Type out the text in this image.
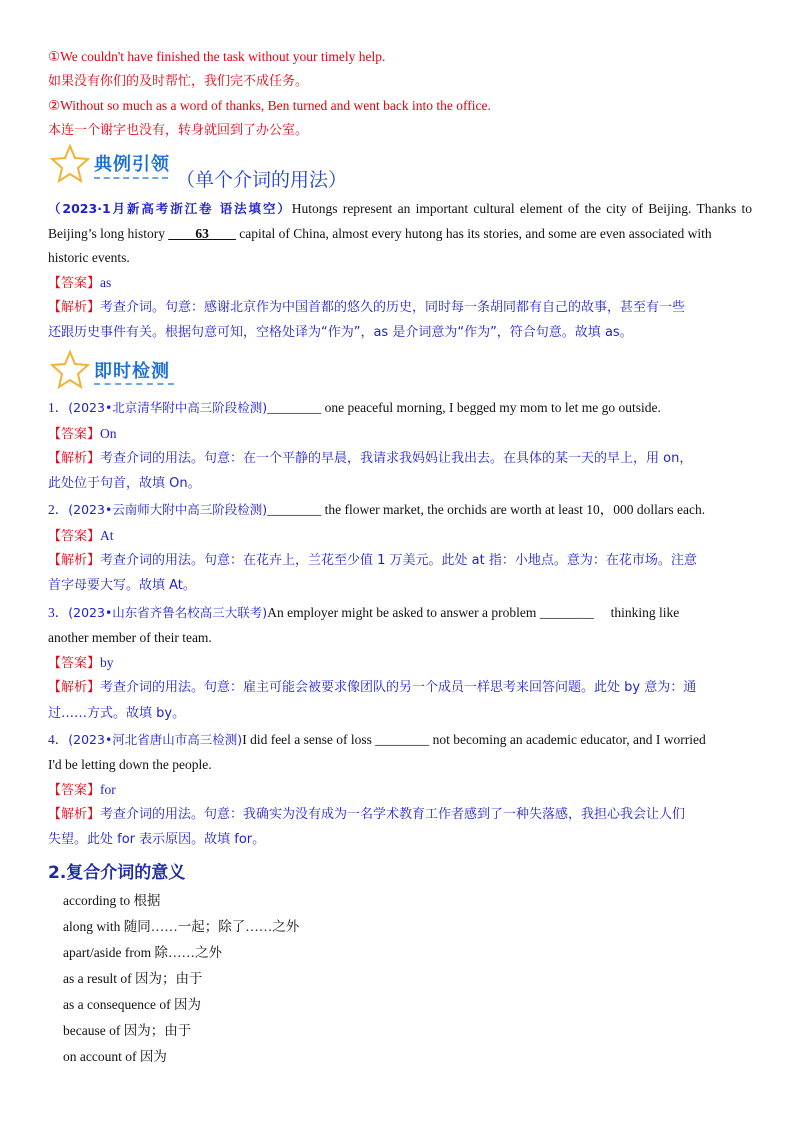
①We couldn't have finished the task without your timely help.
如果没有你们的及时帮忙，我们完不成任务。
②Without so much as a word of thanks, Ben turned and went back into the office.
本连一个谢字也没有，转身就回到了办公室。
典例引领
（单个介词的用法）
（2023·1月新高考浙江卷 语法填空）Hutongs represent an important cultural element of the city of Beijing. Thanks to
Beijing’s long history ____63____ capital of China, almost every hutong has its stories, and some are even associated with
historic events.
【答案】as
【解析】考查介词。句意：感谢北京作为中国首都的悠久的历史，同时每一条胡同都有自己的故事，甚至有一些
还跟历史事件有关。根据句意可知，空格处译为“作为”，as 是介词意为“作为”，符合句意。故填 as。
即时检测
1．(2023•北京清华附中高三阶段检测)________ one peaceful morning, I begged my mom to let me go outside.
【答案】On
【解析】考查介词的用法。句意：在一个平静的早晨，我请求我妈妈让我出去。在具体的某一天的早上，用 on，
此处位于句首，故填 On。
2．(2023•云南师大附中高三阶段检测)________ the flower market, the orchids are worth at least 10，000 dollars each.
【答案】At
【解析】考查介词的用法。句意：在花卉上，兰花至少值 1 万美元。此处 at 指：小地点。意为：在花市场。注意
首字母要大写。故填 At。
3．(2023•山东省齐鲁名校高三大联考)An employer might be asked to answer a problem ________     thinking like
another member of their team.
【答案】by
【解析】考查介词的用法。句意：雇主可能会被要求像团队的另一个成员一样思考来回答问题。此处 by 意为：通
过……方式。故填 by。
4．(2023•河北省唐山市高三检测)I did feel a sense of loss ________ not becoming an academic educator, and I worried
I'd be letting down the people.
【答案】for
【解析】考查介词的用法。句意：我确实为没有成为一名学术教育工作者感到了一种失落感，我担心我会让人们
失望。此处 for 表示原因。故填 for。
2.复合介词的意义
according to 根据
along with 随同……一起；除了……之外
apart/aside from 除……之外
as a result of 因为；由于
as a consequence of 因为
because of 因为；由于
on account of 因为
